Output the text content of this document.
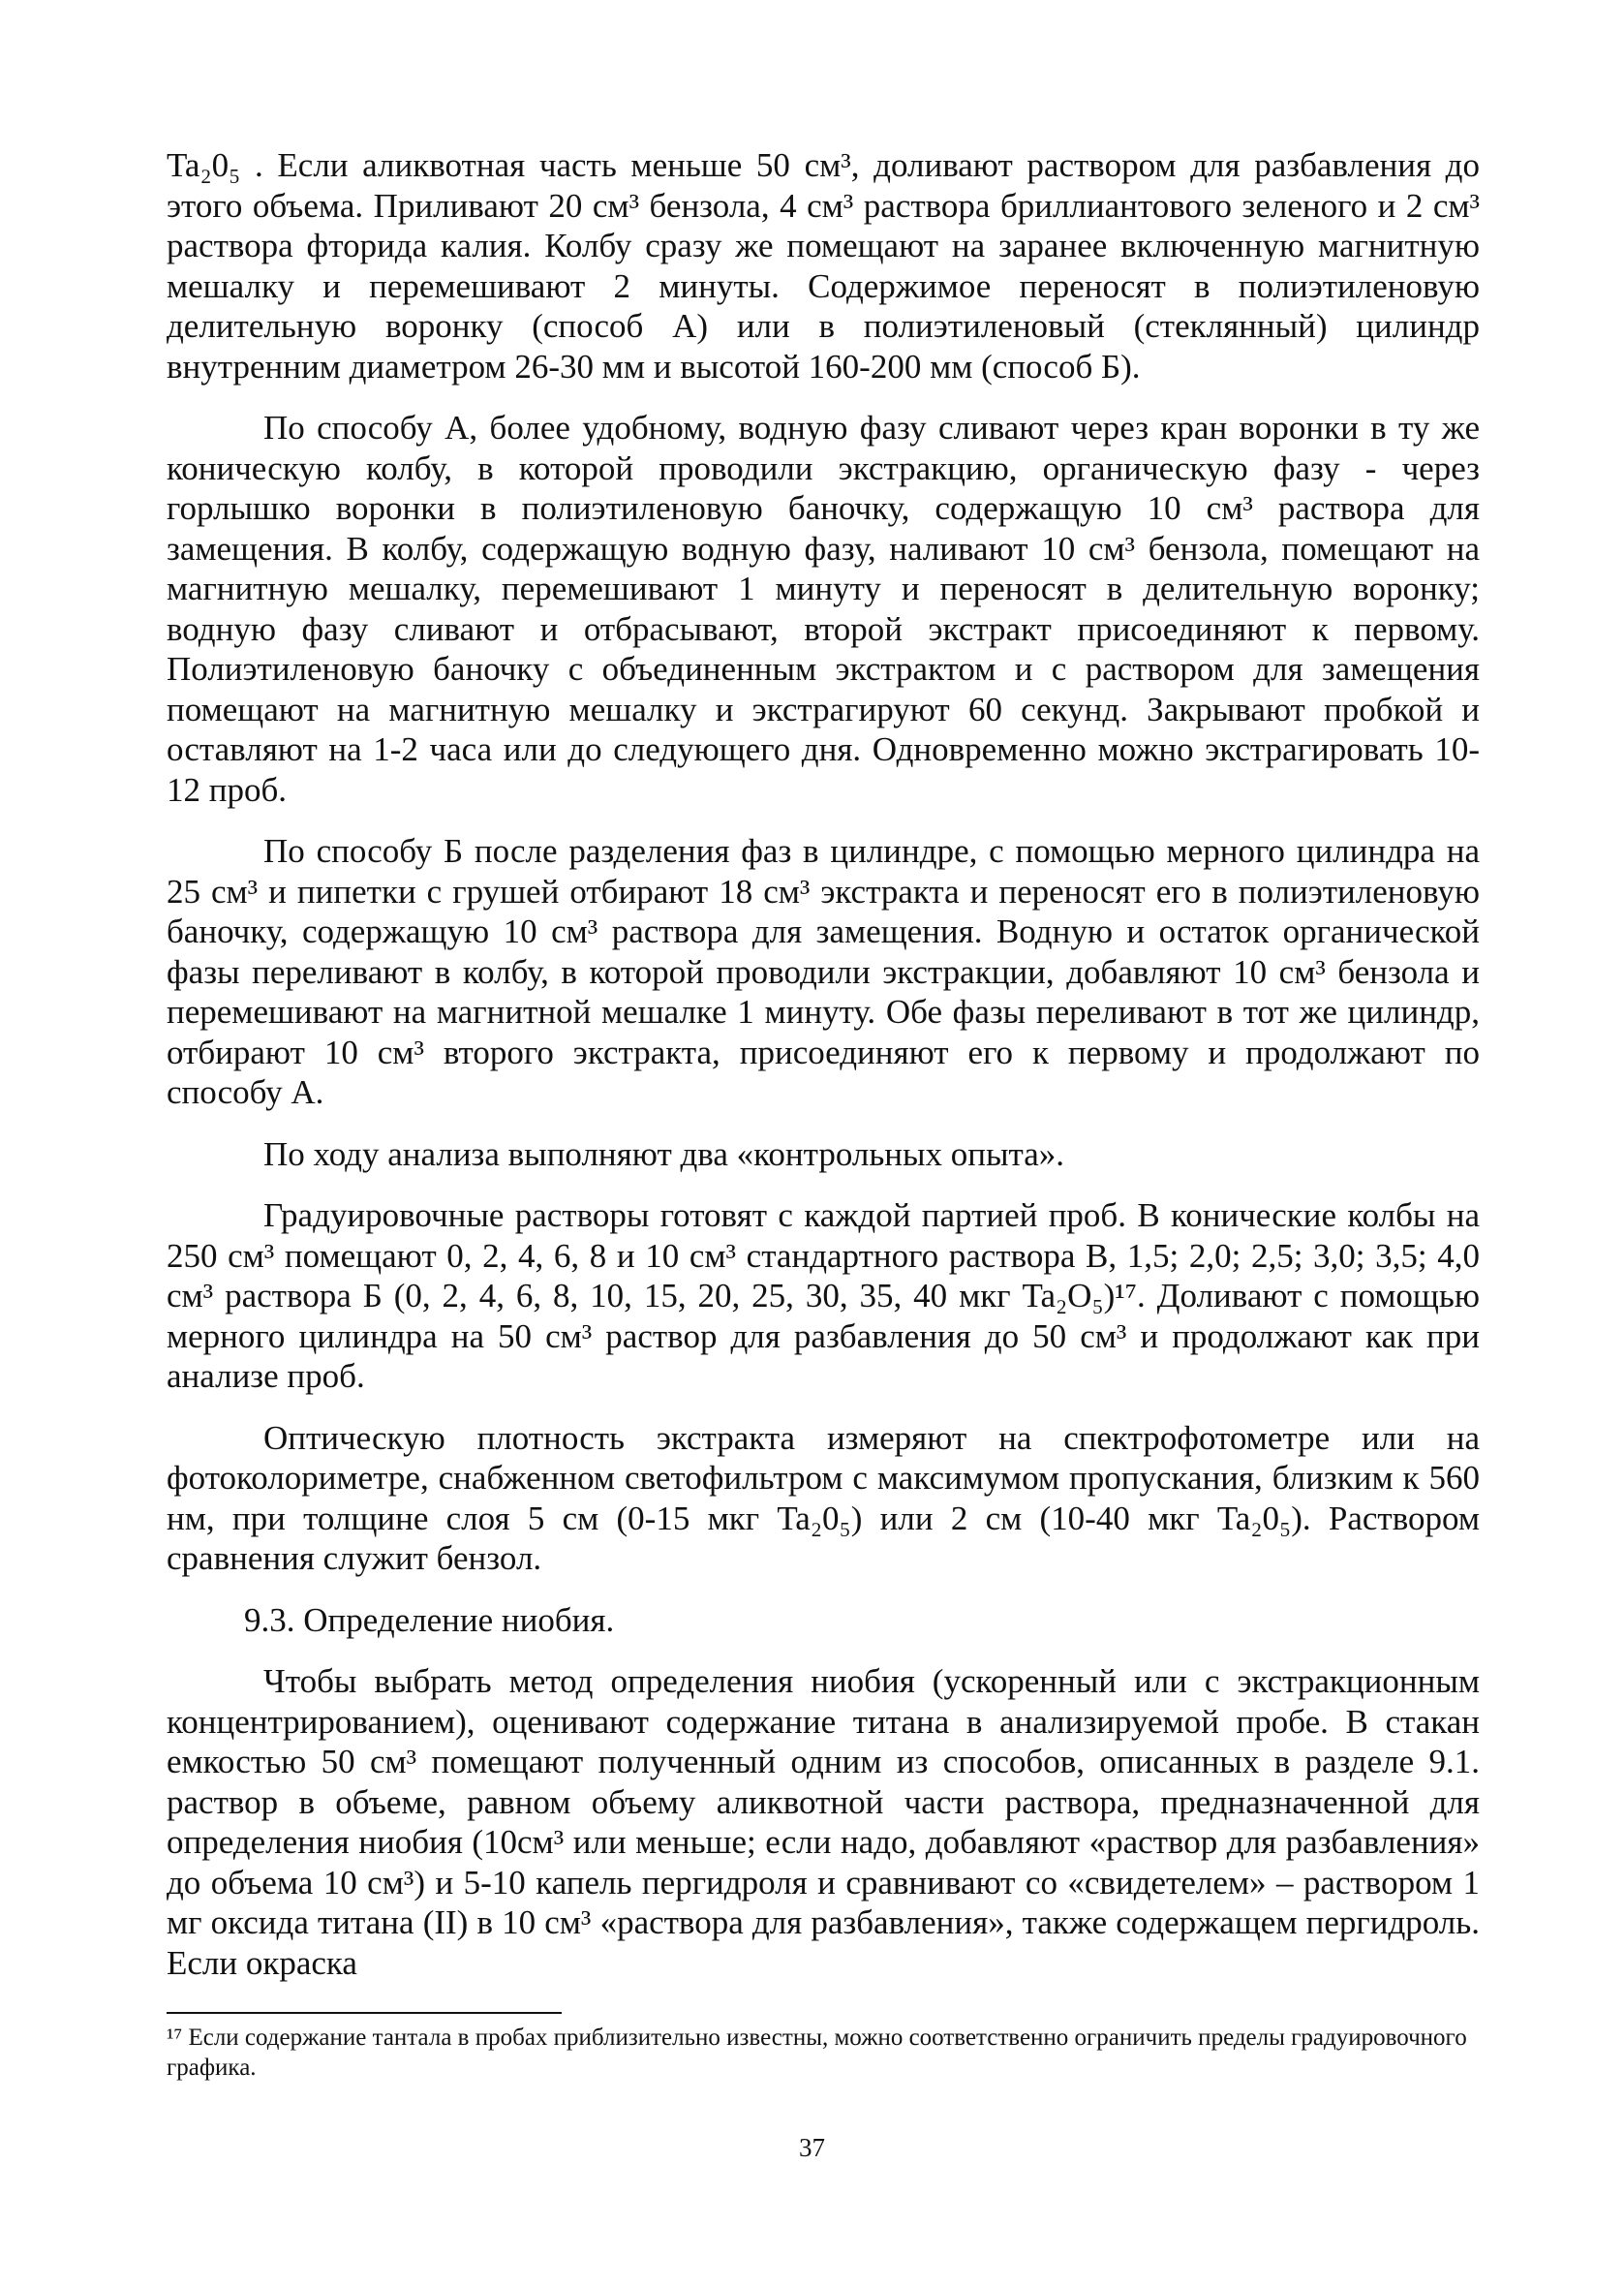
Ta₂0₅ . Если аликвотная часть меньше 50 см³, доливают раствором для разбавления до этого объема. Приливают 20 см³ бензола, 4 см³ раствора бриллиантового зеленого и 2 см³ раствора фторида калия. Колбу сразу же помещают на заранее включенную магнитную мешалку и перемешивают 2 минуты. Содержимое переносят в полиэтиленовую делительную воронку (способ А) или в полиэтиленовый (стеклянный) цилиндр внутренним диаметром 26-30 мм и высотой 160-200 мм (способ Б).

По способу А, более удобному, водную фазу сливают через кран воронки в ту же коническую колбу, в которой проводили экстракцию, органическую фазу - через горлышко воронки в полиэтиленовую баночку, содержащую 10 см³ раствора для замещения. В колбу, содержащую водную фазу, наливают 10 см³ бензола, помещают на магнитную мешалку, перемешивают 1 минуту и переносят в делительную воронку; водную фазу сливают и отбрасывают, второй экстракт присоединяют к первому. Полиэтиленовую баночку с объединенным экстрактом и с раствором для замещения помещают на магнитную мешалку и экстрагируют 60 секунд. Закрывают пробкой и оставляют на 1-2 часа или до следующего дня. Одновременно можно экстрагировать 10-12 проб.

По способу Б после разделения фаз в цилиндре, с помощью мерного цилиндра на 25 см³ и пипетки с грушей отбирают 18 см³ экстракта и переносят его в полиэтиленовую баночку, содержащую 10 см³ раствора для замещения. Водную и остаток органической фазы переливают в колбу, в которой проводили экстракции, добавляют 10 см³ бензола и перемешивают на магнитной мешалке 1 минуту. Обе фазы переливают в тот же цилиндр, отбирают 10 см³ второго экстракта, присоединяют его к первому и продолжают по способу А.

По ходу анализа выполняют два «контрольных опыта».

Градуировочные растворы готовят с каждой партией проб. В конические колбы на 250 см³ помещают 0, 2, 4, 6, 8 и 10 см³ стандартного раствора В, 1,5; 2,0; 2,5; 3,0; 3,5; 4,0 см³ раствора Б (0, 2, 4, 6, 8, 10, 15, 20, 25, 30, 35, 40 мкг Ta₂O₅)¹⁷. Доливают с помощью мерного цилиндра на 50 см³ раствор для разбавления до 50 см³ и продолжают как при анализе проб.

Оптическую плотность экстракта измеряют на спектрофотометре или на фотоколориметре, снабженном светофильтром с максимумом пропускания, близким к 560 нм, при толщине слоя 5 см (0-15 мкг Ta₂0₅) или 2 см (10-40 мкг Ta₂0₅). Раствором сравнения служит бензол.

9.3. Определение ниобия.

Чтобы выбрать метод определения ниобия (ускоренный или с экстракционным концентрированием), оценивают содержание титана в анализируемой пробе. В стакан емкостью 50 см³ помещают полученный одним из способов, описанных в разделе 9.1. раствор в объеме, равном объему аликвотной части раствора, предназначенной для определения ниобия (10см³ или меньше; если надо, добавляют «раствор для разбавления» до объема 10 см³) и 5-10 капель пергидроля и сравнивают со «свидетелем» – раствором 1 мг оксида титана (II) в 10 см³ «раствора для разбавления», также содержащем пергидроль. Если окраска

¹⁷ Если содержание тантала в пробах приблизительно известны, можно соответственно ограничить пределы градуировочного графика.
37
